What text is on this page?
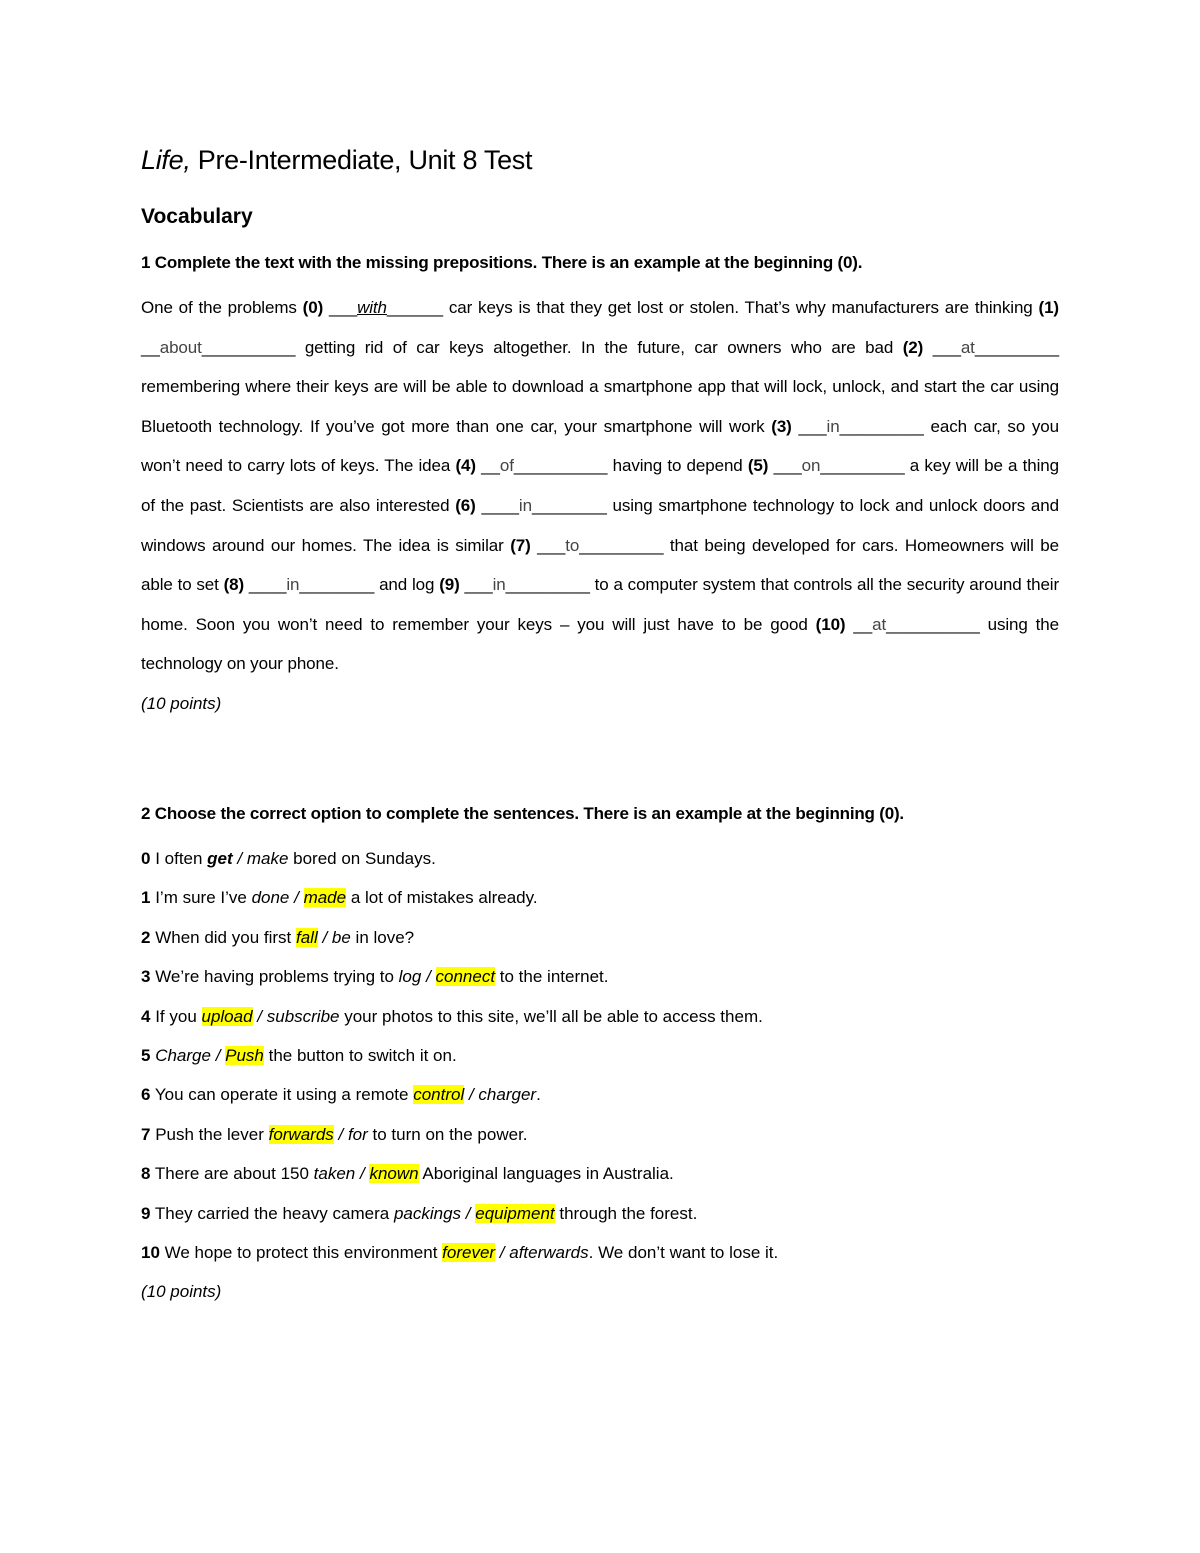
Life, Pre-Intermediate, Unit 8 Test
Vocabulary

1 Complete the text with the missing prepositions. There is an example at the beginning (0).

One of the problems (0) ___with______ car keys is that they get lost or stolen. That’s why manufacturers are thinking (1) __about__________ getting rid of car keys altogether. In the future, car owners who are bad (2) ___at_________ remembering where their keys are will be able to download a smartphone app that will lock, unlock, and start the car using Bluetooth technology. If you’ve got more than one car, your smartphone will work (3) ___in_________ each car, so you won’t need to carry lots of keys. The idea (4) __of__________ having to depend (5) ___on_________ a key will be a thing of the past. Scientists are also interested (6) ____in________ using smartphone technology to lock and unlock doors and windows around our homes. The idea is similar (7) ___to_________ that being developed for cars. Homeowners will be able to set (8) ____in________ and log (9) ___in_________ to a computer system that controls all the security around their home. Soon you won’t need to remember your keys – you will just have to be good (10) __at__________ using the technology on your phone.

(10 points)

2 Choose the correct option to complete the sentences. There is an example at the beginning (0).

0 I often get / make bored on Sundays.

1 I’m sure I’ve done / made a lot of mistakes already.

2 When did you first fall / be in love?

3 We’re having problems trying to log / connect to the internet.

4 If you upload / subscribe your photos to this site, we’ll all be able to access them.

5 Charge / Push the button to switch it on.

6 You can operate it using a remote control / charger.

7 Push the lever forwards / for to turn on the power.

8 There are about 150 taken / known Aboriginal languages in Australia.

9 They carried the heavy camera packings / equipment through the forest.

10 We hope to protect this environment forever / afterwards. We don’t want to lose it.

(10 points)
